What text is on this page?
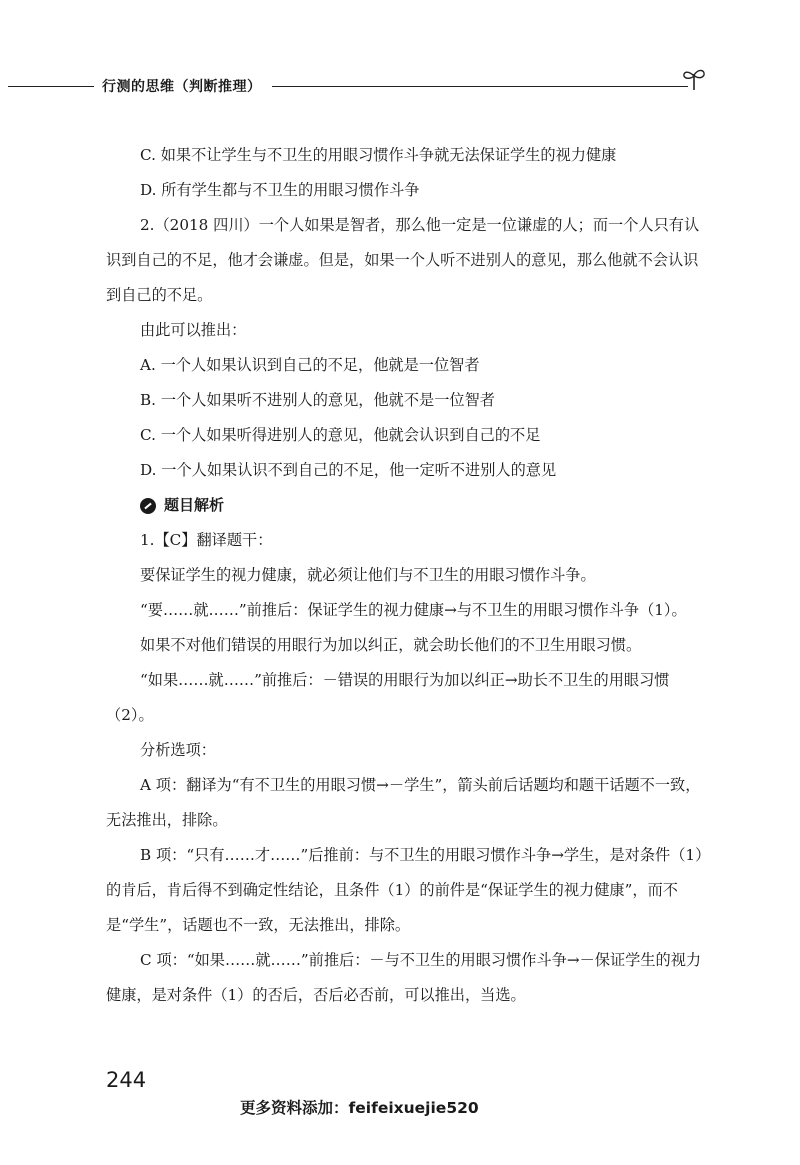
行测的思维（判断推理）

C. 如果不让学生与不卫生的用眼习惯作斗争就无法保证学生的视力健康

D. 所有学生都与不卫生的用眼习惯作斗争

2.（2018 四川）一个人如果是智者，那么他一定是一位谦虚的人；而一个人只有认识到自己的不足，他才会谦虚。但是，如果一个人听不进别人的意见，那么他就不会认识到自己的不足。

由此可以推出：

A. 一个人如果认识到自己的不足，他就是一位智者

B. 一个人如果听不进别人的意见，他就不是一位智者

C. 一个人如果听得进别人的意见，他就会认识到自己的不足

D. 一个人如果认识不到自己的不足，他一定听不进别人的意见

题目解析

1.【C】翻译题干：

要保证学生的视力健康，就必须让他们与不卫生的用眼习惯作斗争。

“要……就……”前推后：保证学生的视力健康→与不卫生的用眼习惯作斗争（1）。

如果不对他们错误的用眼行为加以纠正，就会助长他们的不卫生用眼习惯。

“如果……就……”前推后：－错误的用眼行为加以纠正→助长不卫生的用眼习惯（2）。

分析选项：

A 项：翻译为“有不卫生的用眼习惯→－学生”，箭头前后话题均和题干话题不一致，无法推出，排除。

B 项：“只有……才……”后推前：与不卫生的用眼习惯作斗争→学生，是对条件（1）的肯后，肯后得不到确定性结论，且条件（1）的前件是“保证学生的视力健康”，而不是“学生”，话题也不一致，无法推出，排除。

C 项：“如果……就……”前推后：－与不卫生的用眼习惯作斗争→－保证学生的视力健康，是对条件（1）的否后，否后必否前，可以推出，当选。

244
更多资料添加：feifeixuejie520
